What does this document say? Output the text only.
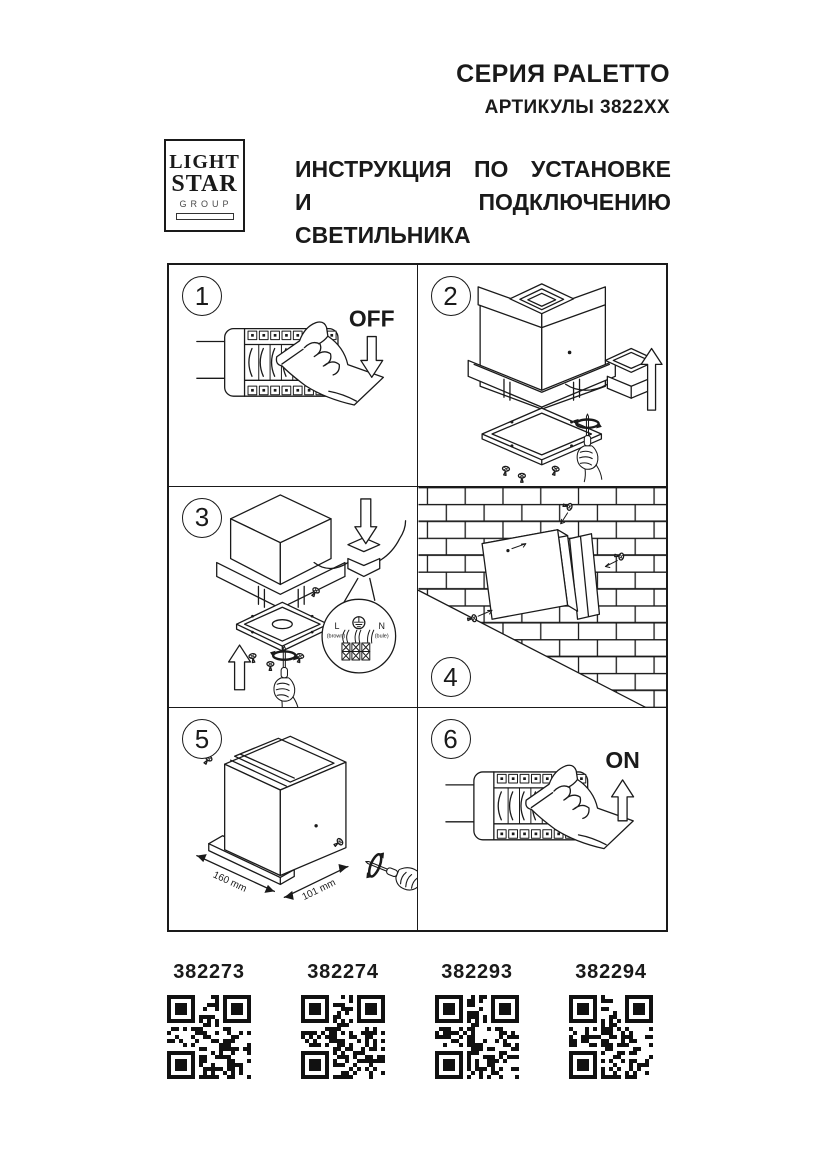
СЕРИЯ PALETTO
АРТИКУЛЫ 3822XX
LIGHT
STAR
GROUP
ИНСТРУКЦИЯ ПО УСТАНОВКЕ
И ПОДКЛЮЧЕНИЮ СВЕТИЛЬНИКА
1
OFF
2
3
L
(brown)
N
(bule)
4
5
160 mm	101 mm
6
ON
382273	382274	382293	382294
